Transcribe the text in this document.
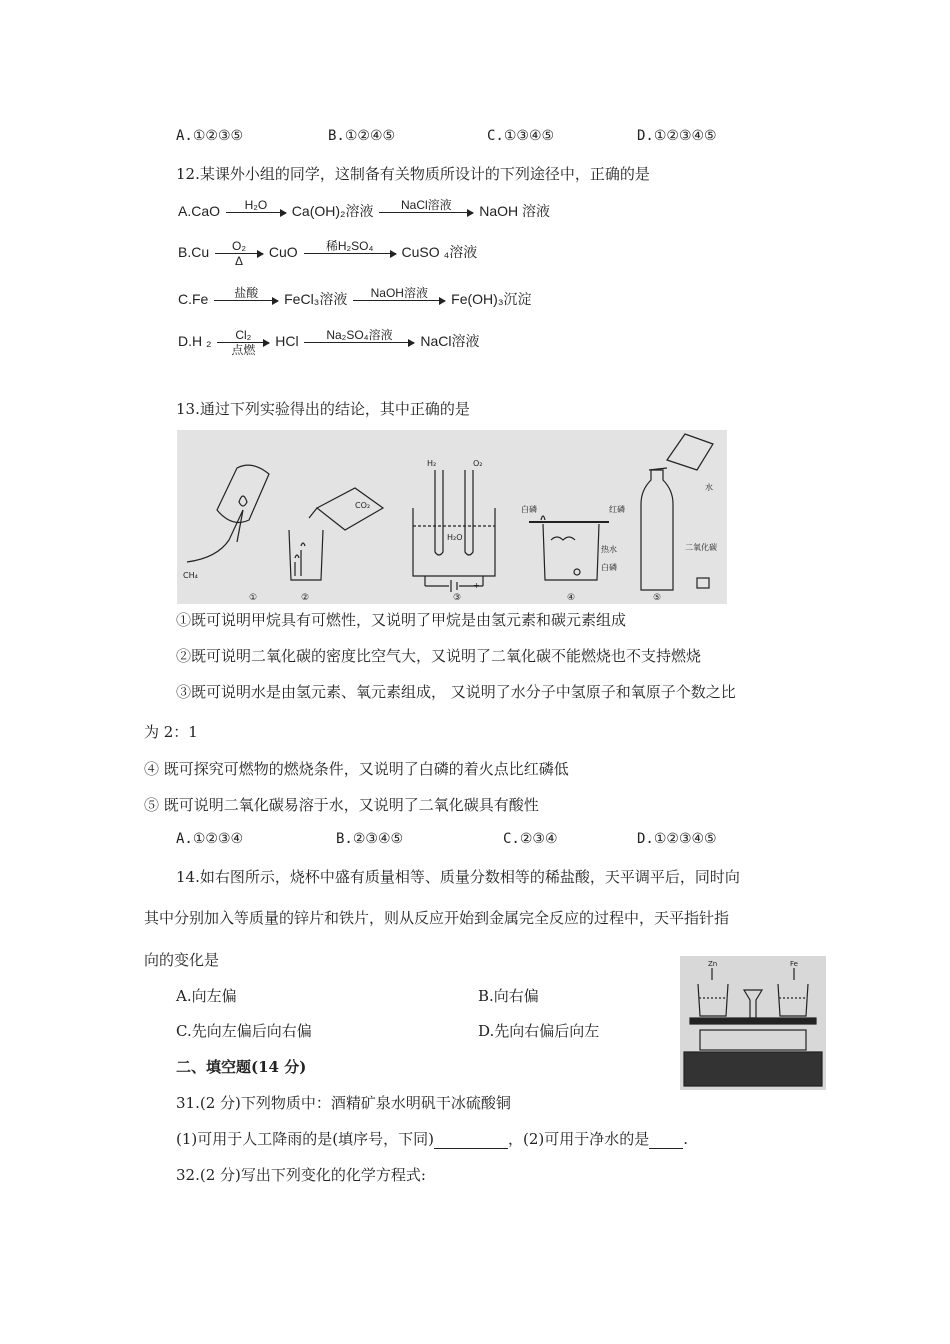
A.①②③⑤	B.①②④⑤	C.①③④⑤	D.①②③④⑤
12.某课外小组的同学，这制备有关物质所设计的下列途径中，正确的是
A.CaO	H₂O
	Ca(OH)₂溶液	NaCl溶液
	NaOH 溶液
$B.Cu \frac{\text{O₂}}{\Delta}$ CuO	稀H₂SO₄
	CuSO ₄溶液
C.Fe	盐酸
	FeCl₃溶液	NaOH溶液
	Fe(OH)₃沉淀
D.H ₂	Cl₂
点燃
HCl	Na₂SO₄溶液
	NaCl溶液
13.通过下列实验得出的结论，其中正确的是
CH₄
①
CO₂
②
H₂	O₂
H₂O
-	+
③
白磷	红磷
热水
白磷
④
水
二氧化碳
⑤
①既可说明甲烷具有可燃性，又说明了甲烷是由氢元素和碳元素组成
②既可说明二氧化碳的密度比空气大，又说明了二氧化碳不能燃烧也不支持燃烧
③既可说明水是由氢元素、氧元素组成， 又说明了水分子中氢原子和氧原子个数之比
为 2：1
④ 既可探究可燃物的燃烧条件，又说明了白磷的着火点比红磷低
⑤ 既可说明二氧化碳易溶于水，又说明了二氧化碳具有酸性
A.①②③④	B.②③④⑤	C.②③④	D.①②③④⑤
14.如右图所示，烧杯中盛有质量相等、质量分数相等的稀盐酸，天平调平后，同时向
其中分别加入等质量的锌片和铁片，则从反应开始到金属完全反应的过程中，天平指针指
向的变化是
A.向左偏	B.向右偏
C.先向左偏后向右偏	D.先向右偏后向左
Zn	Fe
二、填空题(14 分)
31.(2 分)下列物质中：酒精矿泉水明矾干冰硫酸铜
(1)可用于人工降雨的是(填序号，下同)	，(2)可用于净水的是 .
32.(2 分)写出下列变化的化学方程式:
